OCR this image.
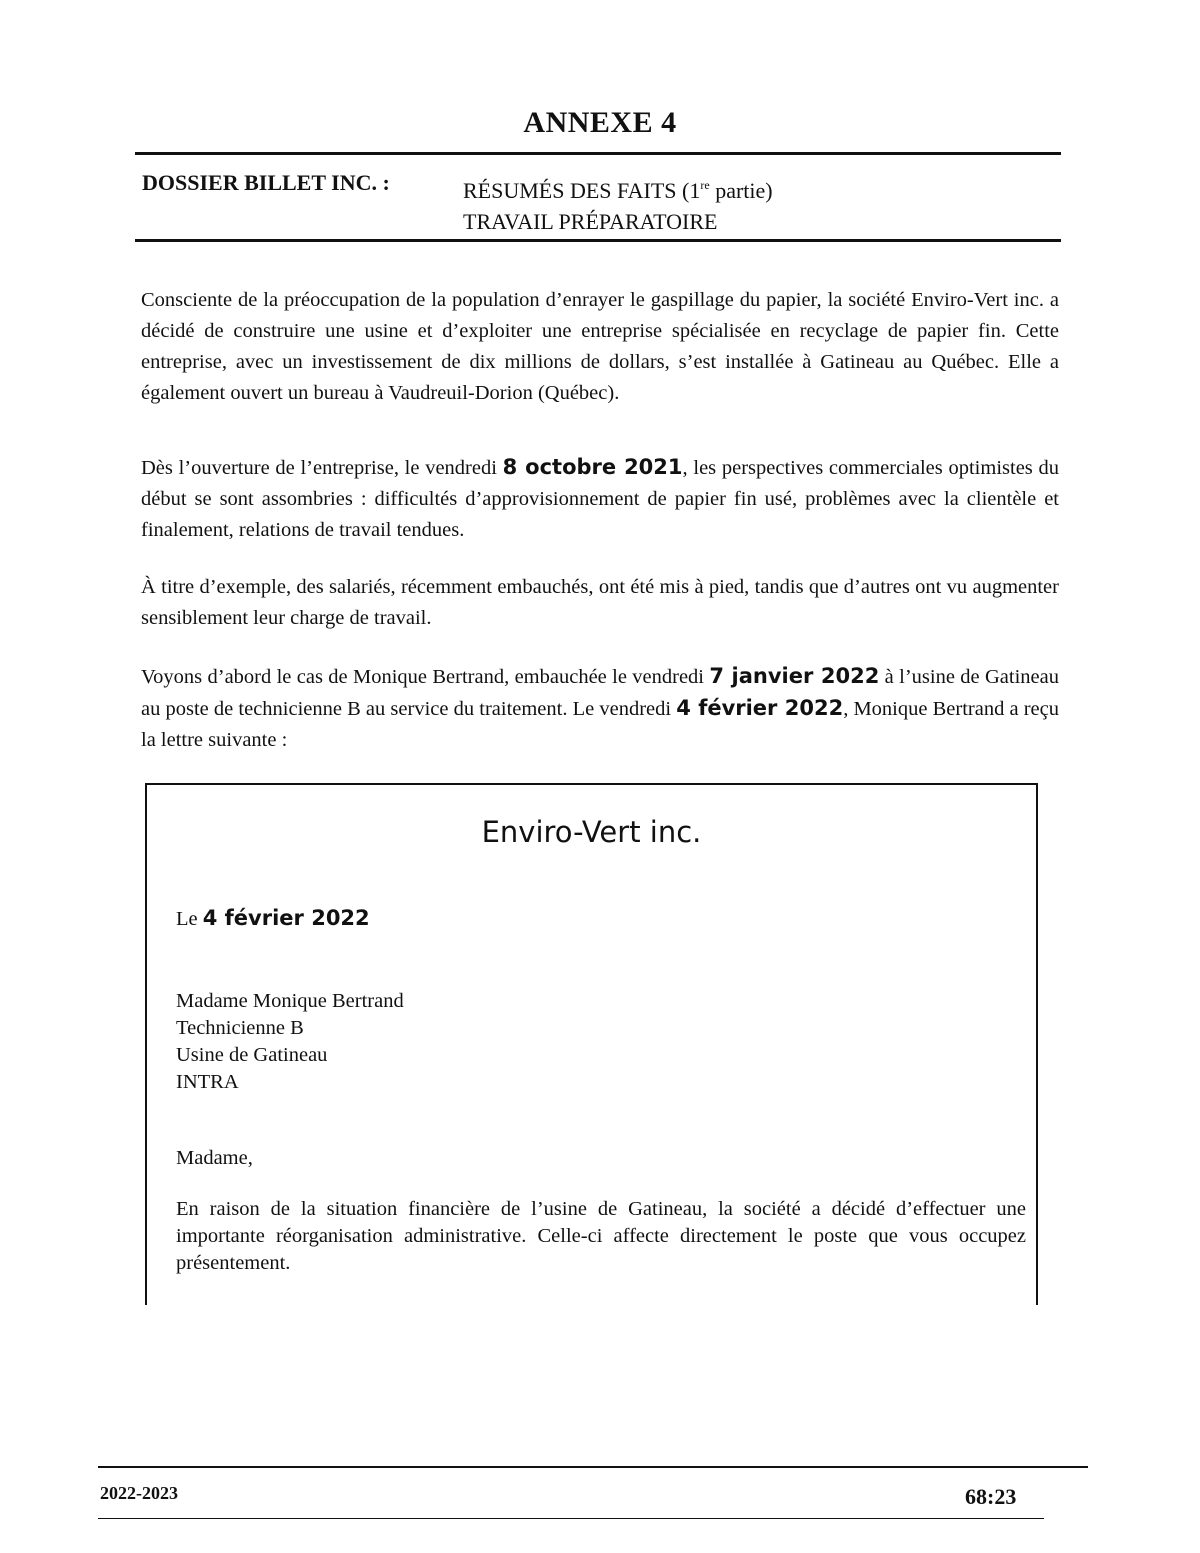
ANNEXE 4
DOSSIER BILLET INC. :	RÉSUMÉS DES FAITS (1re partie)
TRAVAIL PRÉPARATOIRE

Consciente de la préoccupation de la population d’enrayer le gaspillage du papier, la société Enviro-Vert inc. a décidé de construire une usine et d’exploiter une entreprise spécialisée en recyclage de papier fin. Cette entreprise, avec un investissement de dix millions de dollars, s’est installée à Gatineau au Québec. Elle a également ouvert un bureau à Vaudreuil-Dorion (Québec).

Dès l’ouverture de l’entreprise, le vendredi 8 octobre 2021, les perspectives commerciales optimistes du début se sont assombries : difficultés d’approvisionnement de papier fin usé, problèmes avec la clientèle et finalement, relations de travail tendues.

À titre d’exemple, des salariés, récemment embauchés, ont été mis à pied, tandis que d’autres ont vu augmenter sensiblement leur charge de travail.

Voyons d’abord le cas de Monique Bertrand, embauchée le vendredi 7 janvier 2022 à l’usine de Gatineau au poste de technicienne B au service du traitement. Le vendredi 4 février 2022, Monique Bertrand a reçu la lettre suivante :

Enviro-Vert inc.
Le 4 février 2022
Madame Monique Bertrand
Technicienne B
Usine de Gatineau
INTRA
Madame,

En raison de la situation financière de l’usine de Gatineau, la société a décidé d’effectuer une importante réorganisation administrative. Celle-ci affecte directement le poste que vous occupez présentement.

2022-2023	68:23
